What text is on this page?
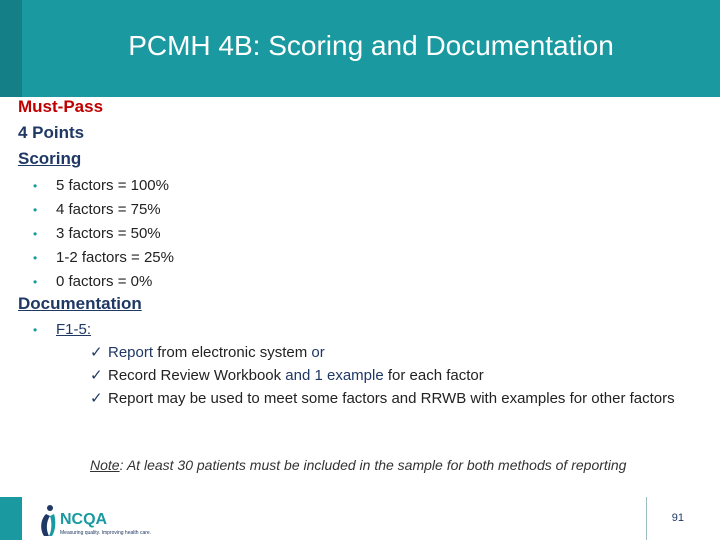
PCMH 4B: Scoring and Documentation
Must-Pass
4 Points
Scoring
• 5 factors = 100%
• 4 factors = 75%
• 3 factors = 50%
• 1-2 factors = 25%
• 0 factors = 0%
Documentation
• F1-5:
✓ Report from electronic system or
✓ Record Review Workbook and 1 example for each factor
✓ Report may be used to meet some factors and RRWB with examples for other factors
Note: At least 30 patients must be included in the sample for both methods of reporting
NCQA
Measuring quality. Improving health care.
91
